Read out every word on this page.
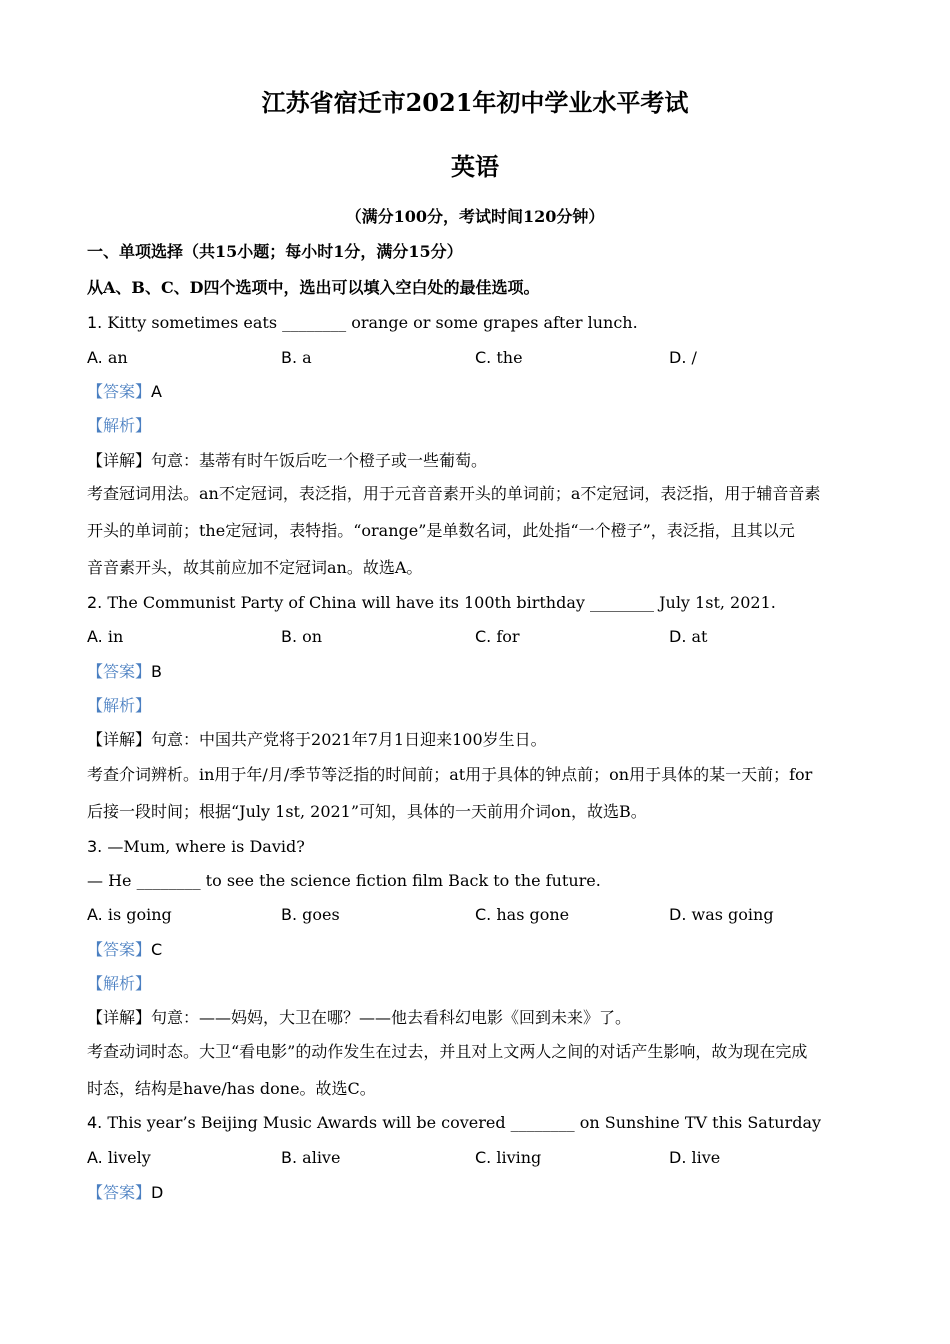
江苏省宿迁市2021年初中学业水平考试
英语
（满分100分，考试时间120分钟）
一、单项选择（共15小题；每小时1分，满分15分）
从A、B、C、D四个选项中，选出可以填入空白处的最佳选项。
1. Kitty sometimes eats ________ orange or some grapes after lunch.
A. an	B. a	C. the	D. /
【答案】A
【解析】
【详解】句意：基蒂有时午饭后吃一个橙子或一些葡萄。
考查冠词用法。an不定冠词，表泛指，用于元音音素开头的单词前；a不定冠词，表泛指，用于辅音音素
开头的单词前；the定冠词，表特指。“orange”是单数名词，此处指“一个橙子”，表泛指，且其以元
音音素开头，故其前应加不定冠词an。故选A。
2. The Communist Party of China will have its 100th birthday ________ July 1st, 2021.
A. in	B. on	C. for	D. at
【答案】B
【解析】
【详解】句意：中国共产党将于2021年7月1日迎来100岁生日。
考查介词辨析。in用于年/月/季节等泛指的时间前；at用于具体的钟点前；on用于具体的某一天前；for
后接一段时间；根据“July 1st, 2021”可知，具体的一天前用介词on，故选B。
3. —Mum, where is David?
— He ________ to see the science fiction film Back to the future.
A. is going	B. goes	C. has gone	D. was going
【答案】C
【解析】
【详解】句意：——妈妈，大卫在哪？——他去看科幻电影《回到未来》了。
考查动词时态。大卫“看电影”的动作发生在过去，并且对上文两人之间的对话产生影响，故为现在完成
时态，结构是have/has done。故选C。
4. This year’s Beijing Music Awards will be covered ________ on Sunshine TV this Saturday
A. lively	B. alive	C. living	D. live
【答案】D
